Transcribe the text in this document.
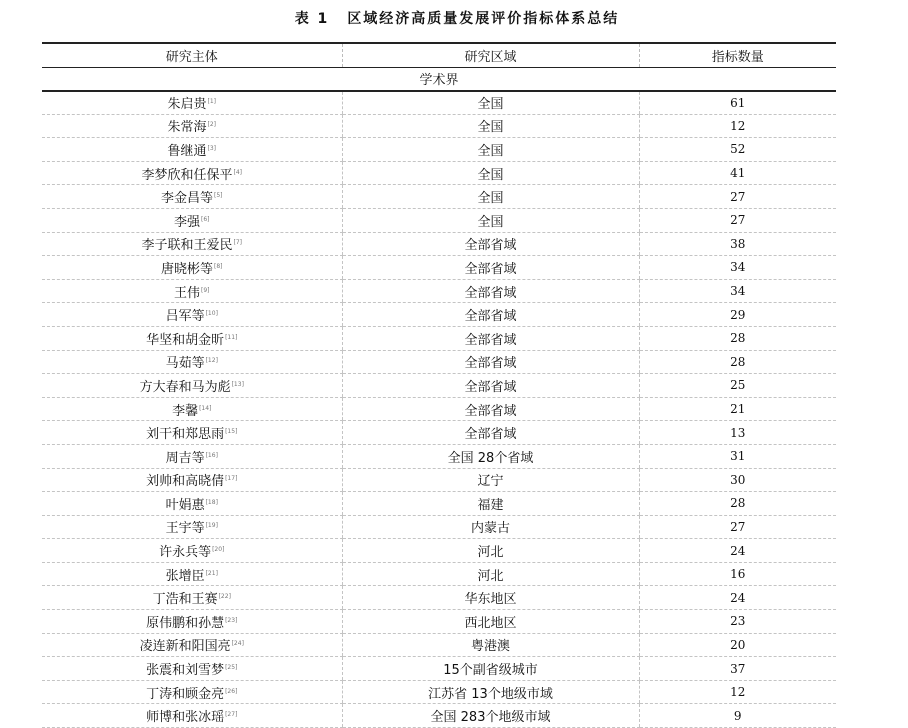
表 1 区域经济高质量发展评价指标体系总结
研究主体	研究区域	指标数量
学术界		
朱启贵[1]	全国	61
朱常海[2]	全国	12
鲁继通[3]	全国	52
李梦欣和任保平[4]	全国	41
李金昌等[5]	全国	27
李强[6]	全国	27
李子联和王爱民[7]	全部省域	38
唐晓彬等[8]	全部省域	34
王伟[9]	全部省域	34
吕军等[10]	全部省域	29
华坚和胡金昕[11]	全部省域	28
马茹等[12]	全部省域	28
方大春和马为彪[13]	全部省域	25
李馨[14]	全部省域	21
刘干和郑思雨[15]	全部省域	13
周吉等[16]	全国 28个省域	31
刘帅和高晓倩[17]	辽宁	30
叶娟惠[18]	福建	28
王宇等[19]	内蒙古	27
许永兵等[20]	河北	24
张增臣[21]	河北	16
丁浩和王赛[22]	华东地区	24
原伟鹏和孙慧[23]	西北地区	23
凌连新和阳国亮[24]	粤港澳	20
张震和刘雪梦[25]	15个副省级城市	37
丁涛和顾金亮[26]	江苏省 13个地级市域	12
师博和张冰瑶[27]	全国 283个地级市域	9
